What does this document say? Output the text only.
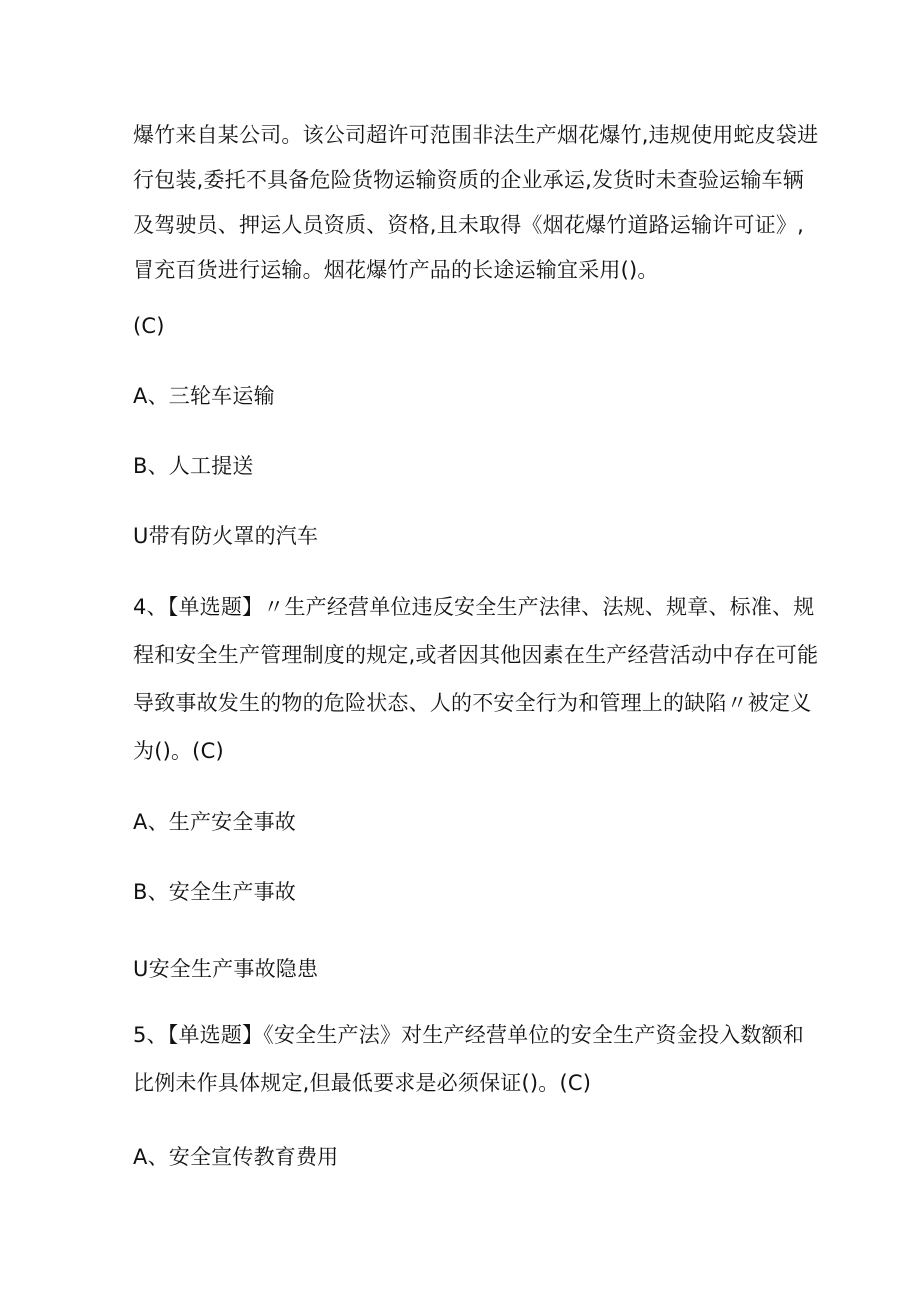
爆竹来自某公司。该公司超许可范围非法生产烟花爆竹,违规使用蛇皮袋进
行包装,委托不具备危险货物运输资质的企业承运,发货时未查验运输车辆
及驾驶员、押运人员资质、资格,且未取得《烟花爆竹道路运输许可证》,
冒充百货进行运输。烟花爆竹产品的长途运输宜采用()。
(C)
A、三轮车运输
B、人工提送
U带有防火罩的汽车
4、【单选题】〃生产经营单位违反安全生产法律、法规、规章、标准、规
程和安全生产管理制度的规定,或者因其他因素在生产经营活动中存在可能
导致事故发生的物的危险状态、人的不安全行为和管理上的缺陷〃被定义
为()。(C)
A、生产安全事故
B、安全生产事故
U安全生产事故隐患
5、【单选题】《安全生产法》对生产经营单位的安全生产资金投入数额和
比例未作具体规定,但最低要求是必须保证()。(C)
A、安全宣传教育费用
